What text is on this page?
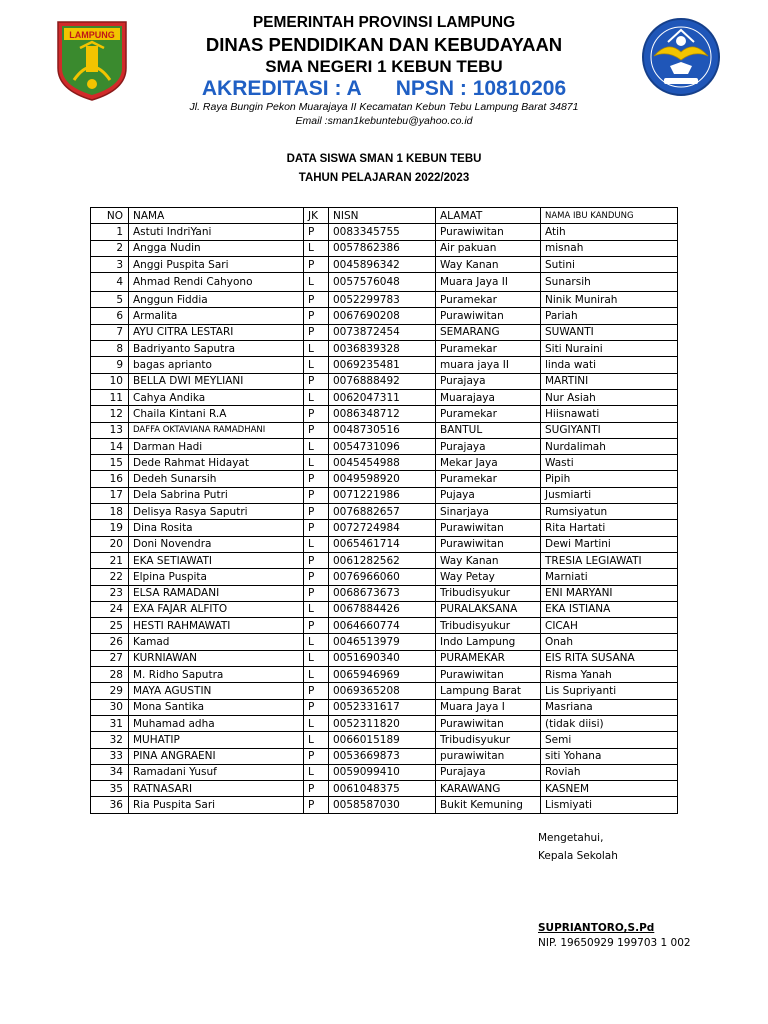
LAMPUNG
PEMERINTAH PROVINSI LAMPUNG
DINAS PENDIDIKAN DAN KEBUDAYAAN
SMA NEGERI 1 KEBUN TEBU
AKREDITASI : A NPSN : 10810206
Jl. Raya Bungin Pekon Muarajaya II Kecamatan Kebun Tebu Lampung Barat 34871
Email :sman1kebuntebu@yahoo.co.id
DATA SISWA SMAN 1 KEBUN TEBU
TAHUN PELAJARAN 2022/2023
NO	NAMA	JK	NISN	ALAMAT	NAMA IBU KANDUNG
1	Astuti IndriYani	P	0083345755	Purawiwitan	Atih
2	Angga Nudin	L	0057862386	Air pakuan	misnah
3	Anggi Puspita Sari	P	0045896342	Way Kanan	Sutini
4	Ahmad Rendi Cahyono	L	0057576048	Muara Jaya II	Sunarsih
5	Anggun Fiddia	P	0052299783	Puramekar	Ninik Munirah
6	Armalita	P	0067690208	Purawiwitan	Pariah
7	AYU CITRA LESTARI	P	0073872454	SEMARANG	SUWANTI
8	Badriyanto Saputra	L	0036839328	Puramekar	Siti Nuraini
9	bagas aprianto	L	0069235481	muara jaya II	linda wati
10	BELLA DWI MEYLIANI	P	0076888492	Purajaya	MARTINI
11	Cahya Andika	L	0062047311	Muarajaya	Nur Asiah
12	Chaila Kintani R.A	P	0086348712	Puramekar	Hiisnawati
13	DAFFA OKTAVIANA RAMADHANI	P	0048730516	BANTUL	SUGIYANTI
14	Darman Hadi	L	0054731096	Purajaya	Nurdalimah
15	Dede Rahmat Hidayat	L	0045454988	Mekar Jaya	Wasti
16	Dedeh Sunarsih	P	0049598920	Puramekar	Pipih
17	Dela Sabrina Putri	P	0071221986	Pujaya	Jusmiarti
18	Delisya Rasya Saputri	P	0076882657	Sinarjaya	Rumsiyatun
19	Dina Rosita	P	0072724984	Purawiwitan	Rita Hartati
20	Doni Novendra	L	0065461714	Purawiwitan	Dewi Martini
21	EKA SETIAWATI	P	0061282562	Way Kanan	TRESIA LEGIAWATI
22	Elpina Puspita	P	0076966060	Way Petay	Marniati
23	ELSA RAMADANI	P	0068673673	Tribudisyukur	ENI MARYANI
24	EXA FAJAR ALFITO	L	0067884426	PURALAKSANA	EKA ISTIANA
25	HESTI RAHMAWATI	P	0064660774	Tribudisyukur	CICAH
26	Kamad	L	0046513979	Indo Lampung	Onah
27	KURNIAWAN	L	0051690340	PURAMEKAR	EIS RITA SUSANA
28	M. Ridho Saputra	L	0065946969	Purawiwitan	Risma Yanah
29	MAYA AGUSTIN	P	0069365208	Lampung Barat	Lis Supriyanti
30	Mona Santika	P	0052331617	Muara Jaya I	Masriana
31	Muhamad adha	L	0052311820	Purawiwitan	(tidak diisi)
32	MUHATIP	L	0066015189	Tribudisyukur	Semi
33	PINA ANGRAENI	P	0053669873	purawiwitan	siti Yohana
34	Ramadani Yusuf	L	0059099410	Purajaya	Roviah
35	RATNASARI	P	0061048375	KARAWANG	KASNEM
36	Ria Puspita Sari	P	0058587030	Bukit Kemuning	Lismiyati
Mengetahui,
Kepala Sekolah
SUPRIANTORO,S.Pd
NIP. 19650929 199703 1 002
